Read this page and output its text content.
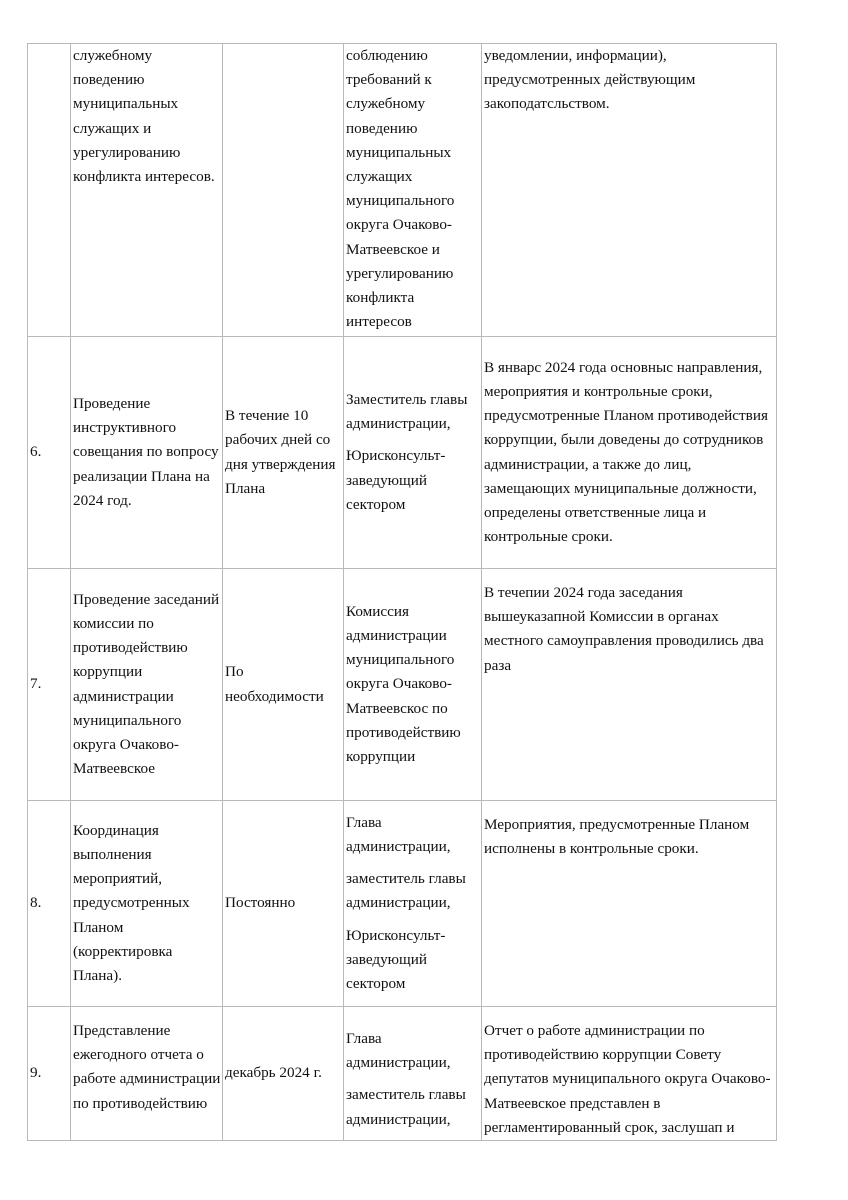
	служебному поведению муниципальных служащих и урегулированию конфликта интересов.		соблюдению требований к служебному поведению муниципальных служащих муниципального округа Очаково-Матвеевское и урегулированию конфликта интересов	уведомлении, информации), предусмотренных действующим закоподатсльством.
6.	Проведение инструктивного совещания по вопросу реализации Плана на 2024 год.	В течение 10 рабочих дней со дня утверждения Плана	Заместитель главы администрации,

Юрисконсульт-заведующий сектором	В январс 2024 года основныс направления, мероприятия и контрольные сроки, предусмотренные Планом противодействия коррупции, были доведены до сотрудников администрации, а также до лиц, замещающих муниципальные должности, определены ответственные лица и контрольные сроки.
7.	Проведение заседаний комиссии по противодействию коррупции администрации муниципального округа Очаково-Матвеевское	По необходимости	Комиссия администрации муниципального округа Очаково-Матвеевскос по противодействию коррупции	В течепии 2024 года заседания вышеуказапной Комиссии в органах местного самоуправления проводились два раза
8.	Координация выполнения мероприятий, предусмотренных Планом (корректировка Плана).	Постоянно	Глава администрации,

заместитель главы администрации,

Юрисконсульт-заведующий сектором	Мероприятия, предусмотренные Планом исполнены в контрольные сроки.
9.	Представление ежегодного отчета о работе администрации по противодействию	декабрь 2024 г.	Глава администрации,

заместитель главы администрации,	Отчет о работе администрации по противодействию коррупции Совету депутатов муниципального округа Очаково-Матвеевское представлен в регламентированный срок, заслушап и
